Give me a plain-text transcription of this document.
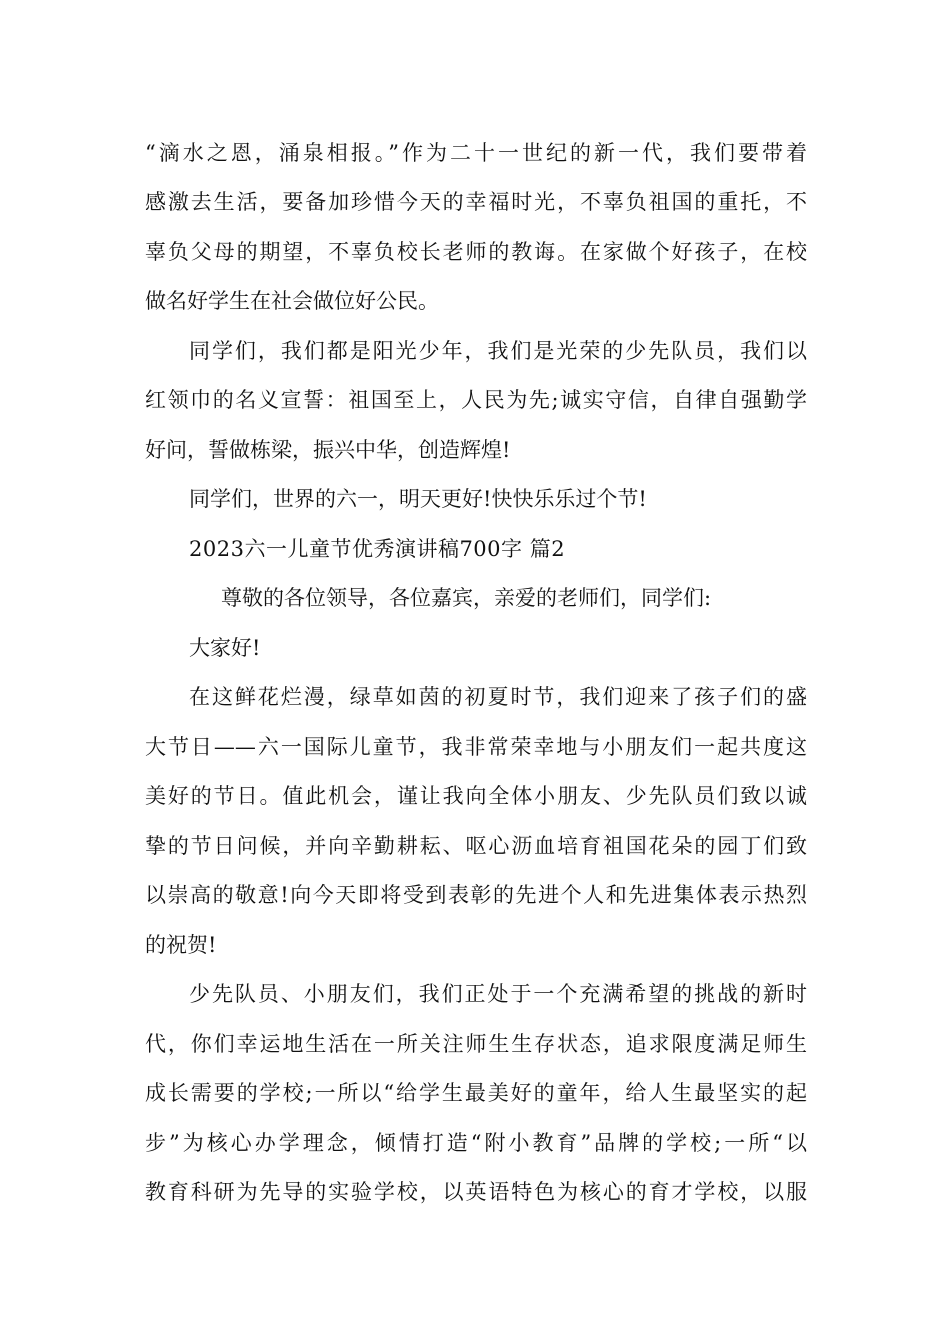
“滴水之恩，涌泉相报。”作为二十一世纪的新一代，我们要带着
感激去生活，要备加珍惜今天的幸福时光，不辜负祖国的重托，不
辜负父母的期望，不辜负校长老师的教诲。在家做个好孩子，在校
做名好学生在社会做位好公民。
同学们，我们都是阳光少年，我们是光荣的少先队员，我们以
红领巾的名义宣誓：祖国至上，人民为先;诚实守信，自律自强勤学
好问，誓做栋梁，振兴中华，创造辉煌!
同学们，世界的六一，明天更好!快快乐乐过个节!
2023六一儿童节优秀演讲稿700字 篇2
尊敬的各位领导，各位嘉宾，亲爱的老师们，同学们:
大家好!
在这鲜花烂漫，绿草如茵的初夏时节，我们迎来了孩子们的盛
大节日——六一国际儿童节，我非常荣幸地与小朋友们一起共度这
美好的节日。值此机会，谨让我向全体小朋友、少先队员们致以诚
挚的节日问候，并向辛勤耕耘、呕心沥血培育祖国花朵的园丁们致
以崇高的敬意!向今天即将受到表彰的先进个人和先进集体表示热烈
的祝贺!
少先队员、小朋友们，我们正处于一个充满希望的挑战的新时
代，你们幸运地生活在一所关注师生生存状态，追求限度满足师生
成长需要的学校;一所以“给学生最美好的童年，给人生最坚实的起
步”为核心办学理念，倾情打造“附小教育”品牌的学校;一所“以
教育科研为先导的实验学校，以英语特色为核心的育才学校，以服
